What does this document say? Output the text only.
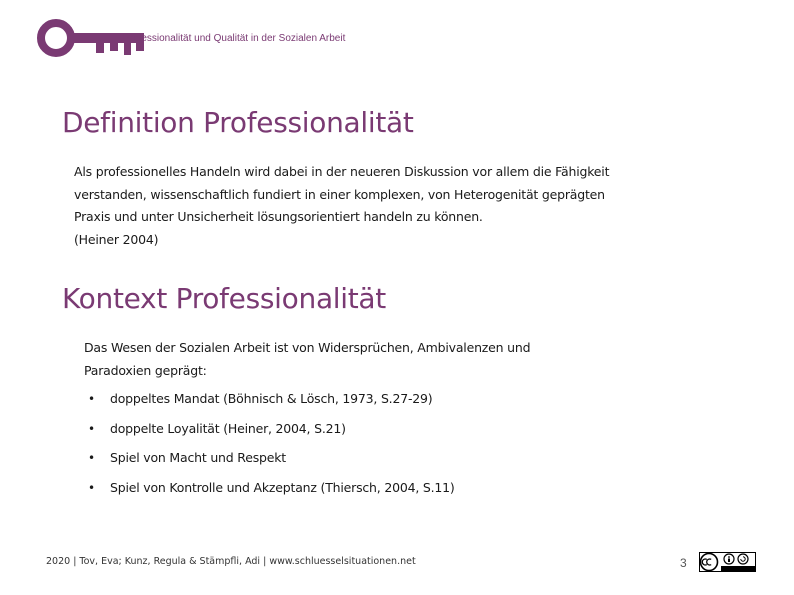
Professionalität und Qualität in der Sozialen Arbeit
Definition Professionalität
Als professionelles Handeln wird dabei in der neueren Diskussion vor allem die Fähigkeit
verstanden, wissenschaftlich fundiert in einer komplexen, von Heterogenität geprägten
Praxis und unter Unsicherheit lösungsorientiert handeln zu können.
(Heiner 2004)
Kontext Professionalität
Das Wesen der Sozialen Arbeit ist von Widersprüchen, Ambivalenzen und
Paradoxien geprägt:
•	doppeltes Mandat (Böhnisch & Lösch, 1973, S.27-29)
•	doppelte Loyalität (Heiner, 2004, S.21)
•	Spiel von Macht und Respekt
•	Spiel von Kontrolle und Akzeptanz (Thiersch, 2004, S.11)
2020 | Tov, Eva; Kunz, Regula & Stämpfli, Adi | www.schluesselsituationen.net	3
